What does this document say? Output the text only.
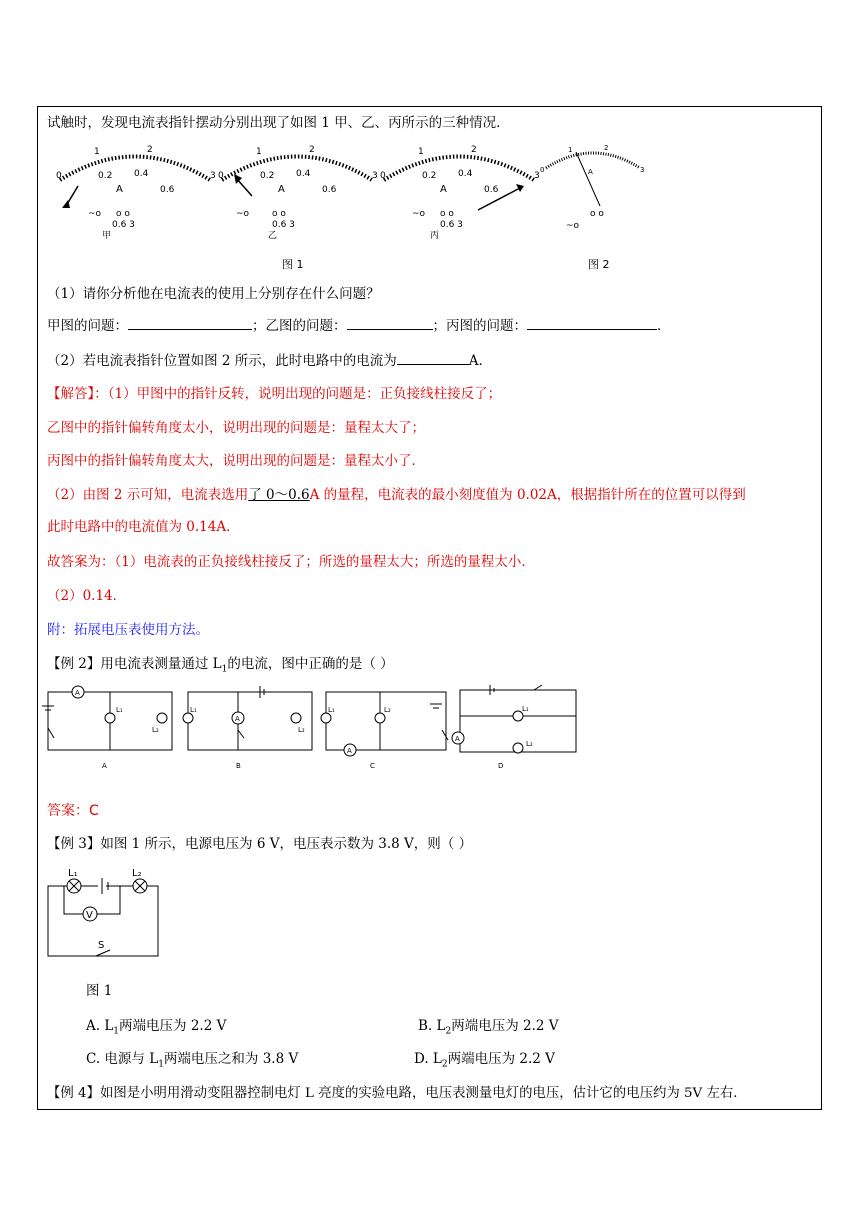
试触时，发现电流表指针摆动分别出现了如图 1 甲、乙、丙所示的三种情况．
0
1	2
3
0.2 0.4
0.6
A
~o o o
0.6 3
甲
0
1	2
3
0.2 0.4
0.6
A
~o	o o
0.6 3
乙
0
1	2
3
0.2 0.4
0.6
A
~o o o
0.6 3
丙
0
1	2
3
A
~o
o o
图 1	图 2
（1）请你分析他在电流表的使用上分别存在什么问题？
甲图的问题：	；乙图的问题：	；丙图的问题：	．
（2）若电流表指针位置如图 2 所示，此时电路中的电流为	A．
【解答】：（1）甲图中的指针反转，说明出现的问题是：正负接线柱接反了；
乙图中的指针偏转角度太小，说明出现的问题是：量程太大了；
丙图中的指针偏转角度太大，说明出现的问题是：量程太小了．
（2）由图 2 示可知，电流表选用了 0～0.6A 的量程，电流表的最小刻度值为 0.02A，根据指针所在的位置可以得到
此时电路中的电流值为 0.14A．
故答案为：（1）电流表的正负接线柱接反了；所选的量程太大；所选的量程太小．
（2）0.14．
附：拓展电压表使用方法。
【例 2】用电流表测量通过 $L_1$的电流，图中正确的是（ ）
A
L₁
L₂
L₁
A
L₂
L₁	L₂
A
L₁
L₂
A
A	B	C	D
答案：C
【例 3】如图 1 所示，电源电压为 6 V，电压表示数为 3.8 V，则（ ）
V
L₁	L₂
S
图 1
A. $L_1$两端电压为 2.2 V	B. $L_2$两端电压为 2.2 V
C. 电源与 $L_1$两端电压之和为 3.8 V	D. $L_2$两端电压为 2.2 V
【例 4】如图是小明用滑动变阻器控制电灯 L 亮度的实验电路，电压表测量电灯的电压，估计它的电压约为 5V 左右．
